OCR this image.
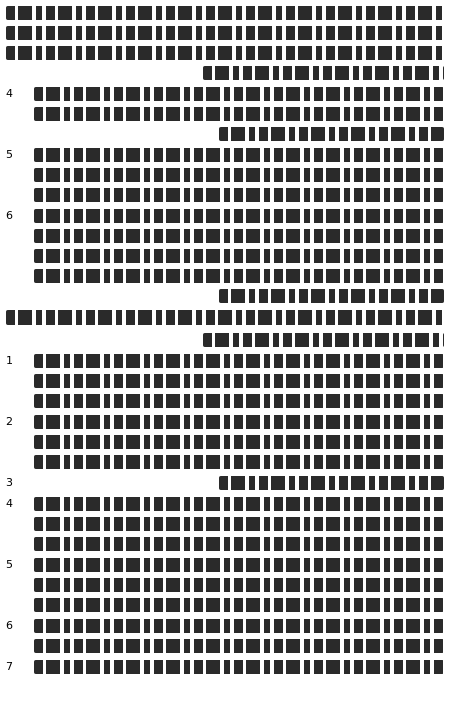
4
5
6
1
2
3
4
5
6
7
